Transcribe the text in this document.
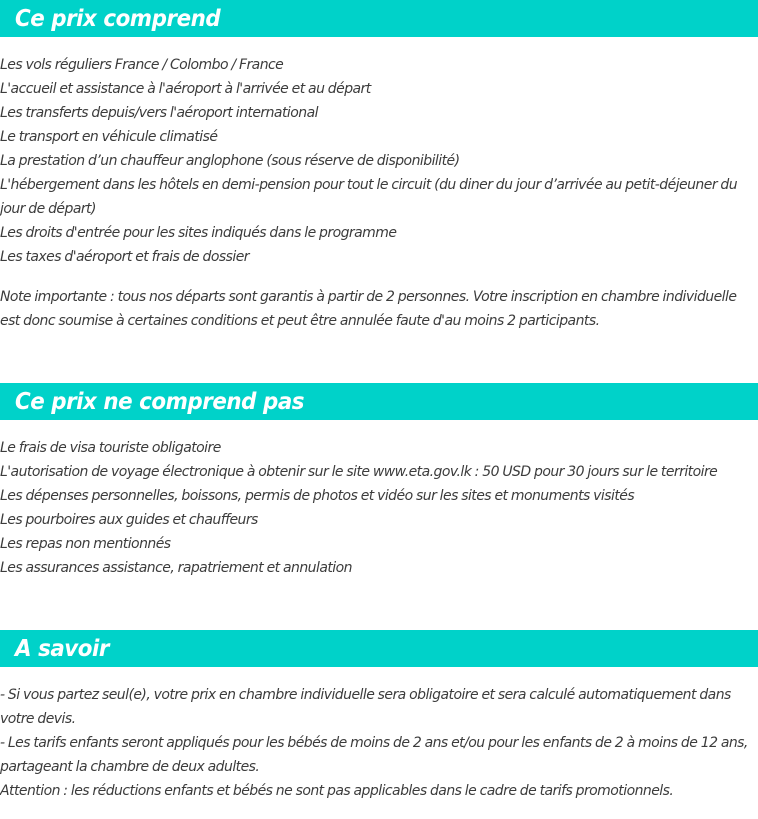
Ce prix comprend

Les vols réguliers France / Colombo / France

L'accueil et assistance à l'aéroport à l'arrivée et au départ

Les transferts depuis/vers l'aéroport international

Le transport en véhicule climatisé

La prestation d’un chauffeur anglophone (sous réserve de disponibilité)

L'hébergement dans les hôtels en demi-pension pour tout le circuit (du diner du jour d’arrivée au petit-déjeuner du jour de départ)

Les droits d'entrée pour les sites indiqués dans le programme

Les taxes d'aéroport et frais de dossier

Note importante : tous nos départs sont garantis à partir de 2 personnes. Votre inscription en chambre individuelle est donc soumise à certaines conditions et peut être annulée faute d'au moins 2 participants.

Ce prix ne comprend pas

Le frais de visa touriste obligatoire

L'autorisation de voyage électronique à obtenir sur le site www.eta.gov.lk : 50 USD pour 30 jours sur le territoire

Les dépenses personnelles, boissons, permis de photos et vidéo sur les sites et monuments visités

Les pourboires aux guides et chauffeurs

Les repas non mentionnés

Les assurances assistance, rapatriement et annulation

A savoir

- Si vous partez seul(e), votre prix en chambre individuelle sera obligatoire et sera calculé automatiquement dans votre devis.

- Les tarifs enfants seront appliqués pour les bébés de moins de 2 ans et/ou pour les enfants de 2 à moins de 12 ans, partageant la chambre de deux adultes.

Attention : les réductions enfants et bébés ne sont pas applicables dans le cadre de tarifs promotionnels.
